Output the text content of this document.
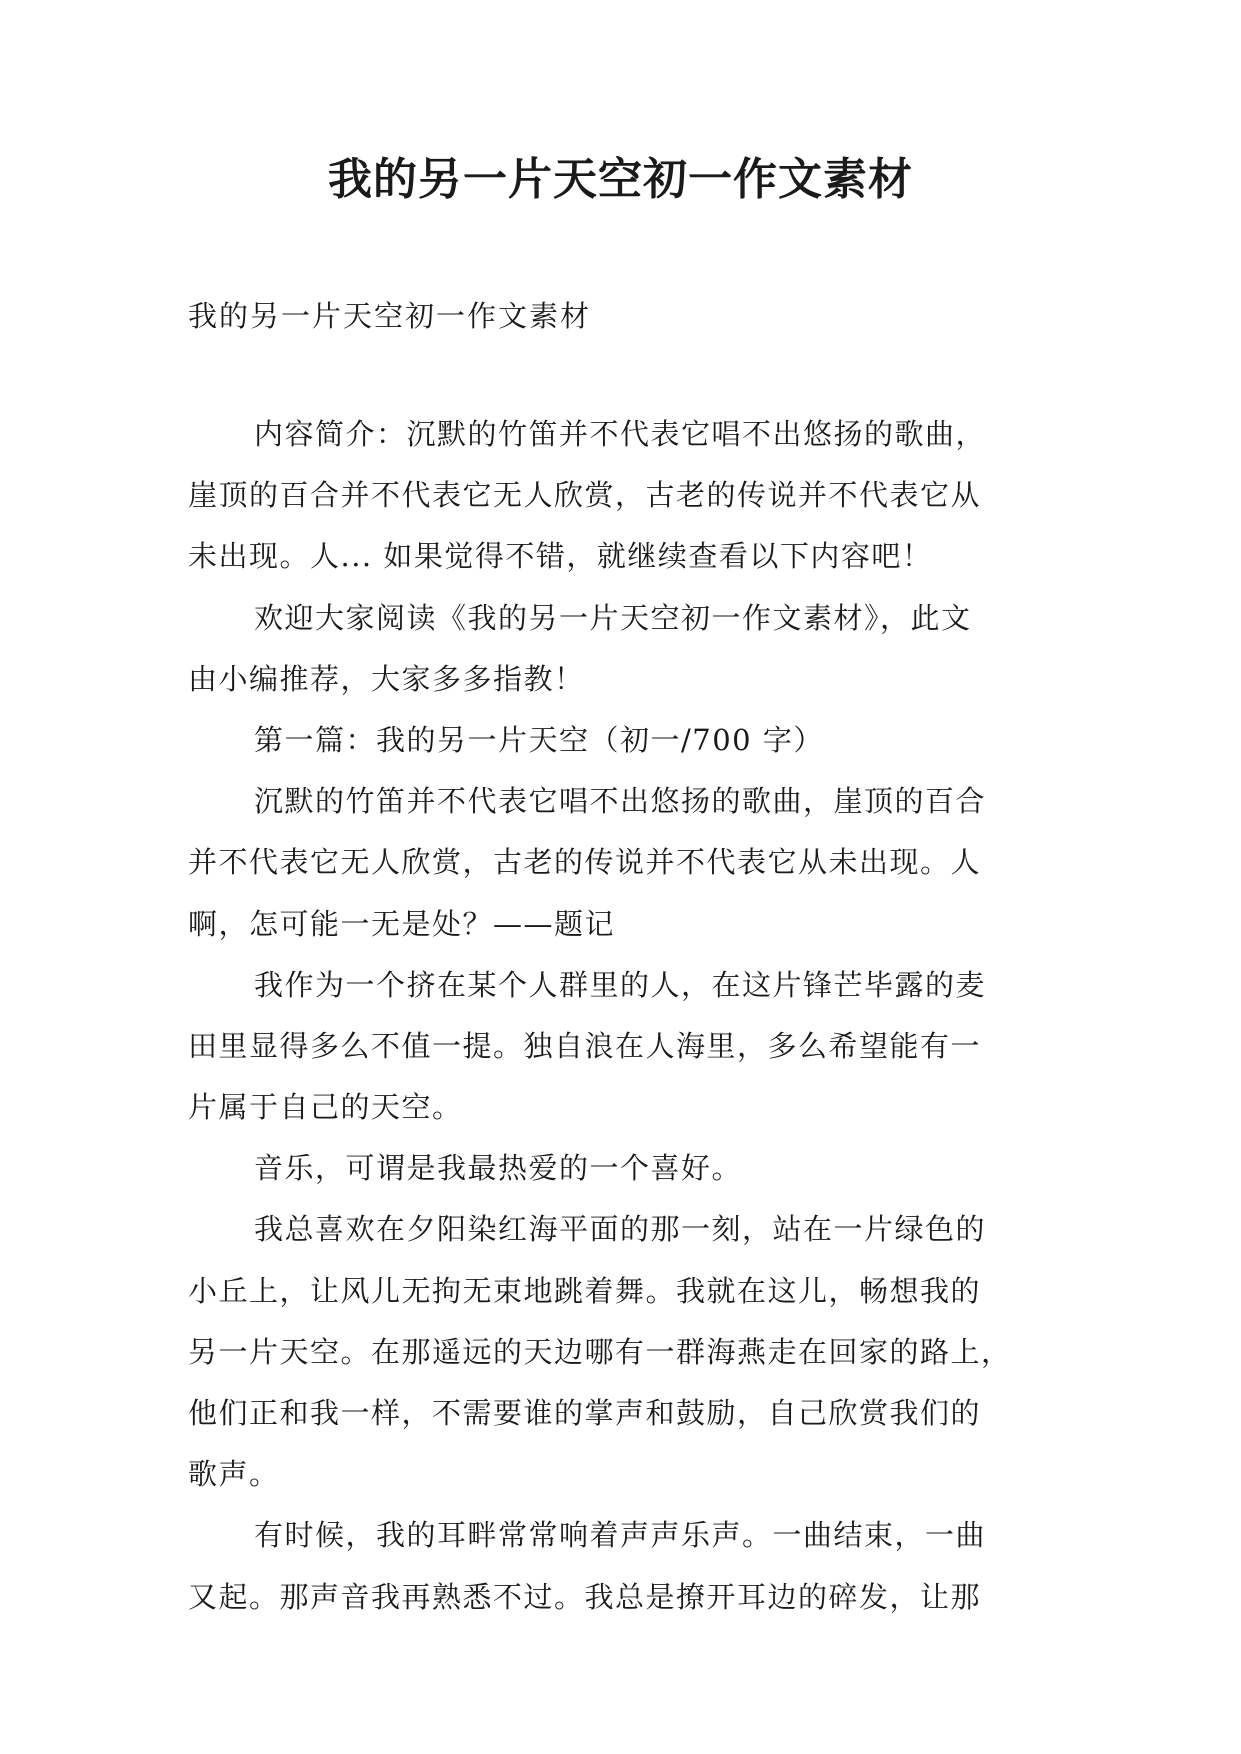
我的另一片天空初一作文素材

我的另一片天空初一作文素材

内容简介：沉默的竹笛并不代表它唱不出悠扬的歌曲，
崖顶的百合并不代表它无人欣赏，古老的传说并不代表它从
未出现。人... 如果觉得不错，就继续查看以下内容吧！
欢迎大家阅读《我的另一片天空初一作文素材》，此文
由小编推荐，大家多多指教！
第一篇：我的另一片天空（初一/700 字）
沉默的竹笛并不代表它唱不出悠扬的歌曲，崖顶的百合
并不代表它无人欣赏，古老的传说并不代表它从未出现。人
啊，怎可能一无是处？——题记
我作为一个挤在某个人群里的人，在这片锋芒毕露的麦
田里显得多么不值一提。独自浪在人海里，多么希望能有一
片属于自己的天空。
音乐，可谓是我最热爱的一个喜好。
我总喜欢在夕阳染红海平面的那一刻，站在一片绿色的
小丘上，让风儿无拘无束地跳着舞。我就在这儿，畅想我的
另一片天空。在那遥远的天边哪有一群海燕走在回家的路上，
他们正和我一样，不需要谁的掌声和鼓励，自己欣赏我们的
歌声。
有时候，我的耳畔常常响着声声乐声。一曲结束，一曲
又起。那声音我再熟悉不过。我总是撩开耳边的碎发，让那
